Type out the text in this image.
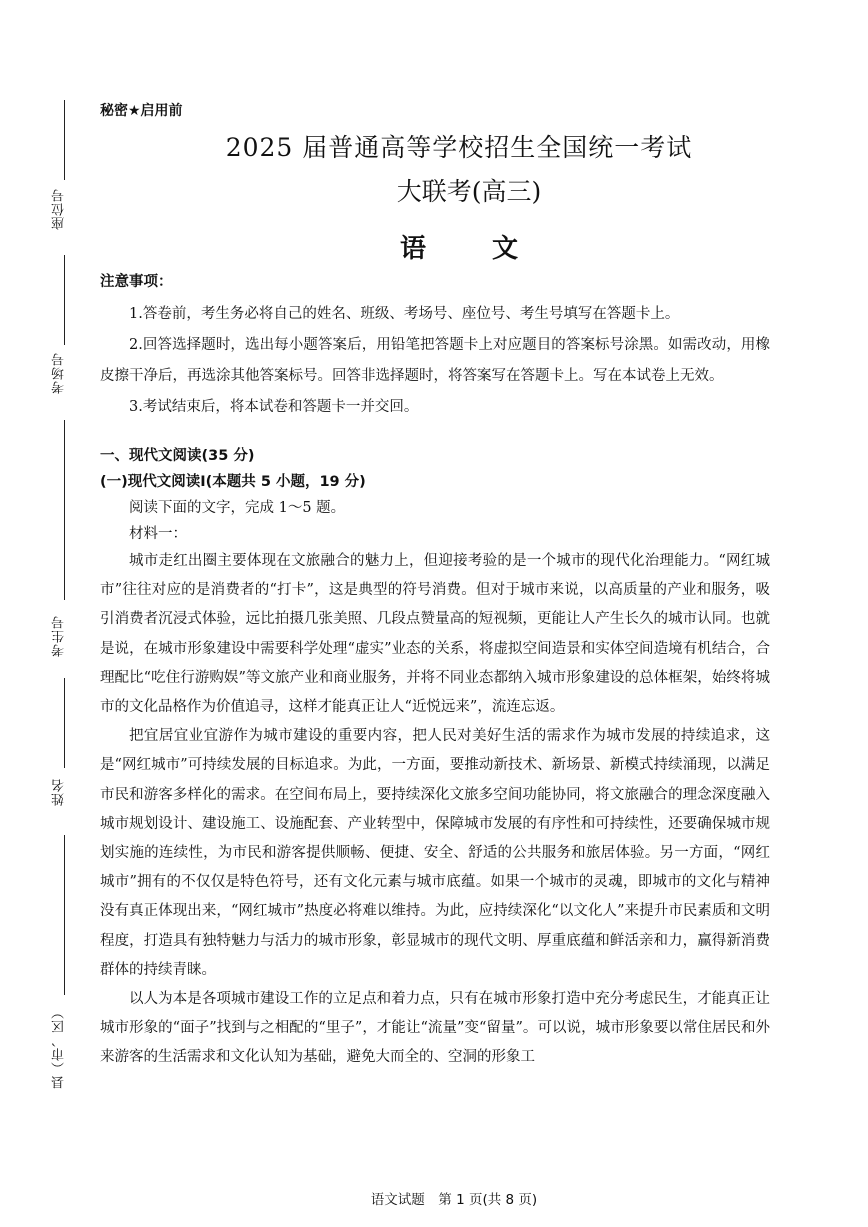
座位号
考场号
考生号
姓名
县（市、区）
秘密★启用前
2025 届普通高等学校招生全国统一考试
大联考(高三)
语　文
注意事项：

1.答卷前，考生务必将自己的姓名、班级、考场号、座位号、考生号填写在答题卡上。

2.回答选择题时，选出每小题答案后，用铅笔把答题卡上对应题目的答案标号涂黑。如需改动，用橡皮擦干净后，再选涂其他答案标号。回答非选择题时，将答案写在答题卡上。写在本试卷上无效。

3.考试结束后，将本试卷和答题卡一并交回。

一、现代文阅读(35 分)
(一)现代文阅读Ⅰ(本题共 5 小题，19 分)
阅读下面的文字，完成 1～5 题。
材料一：

城市走红出圈主要体现在文旅融合的魅力上，但迎接考验的是一个城市的现代化治理能力。“网红城市”往往对应的是消费者的“打卡”，这是典型的符号消费。但对于城市来说，以高质量的产业和服务，吸引消费者沉浸式体验，远比拍摄几张美照、几段点赞量高的短视频，更能让人产生长久的城市认同。也就是说，在城市形象建设中需要科学处理“虚实”业态的关系，将虚拟空间造景和实体空间造境有机结合，合理配比“吃住行游购娱”等文旅产业和商业服务，并将不同业态都纳入城市形象建设的总体框架，始终将城市的文化品格作为价值追寻，这样才能真正让人“近悦远来”，流连忘返。

把宜居宜业宜游作为城市建设的重要内容，把人民对美好生活的需求作为城市发展的持续追求，这是“网红城市”可持续发展的目标追求。为此，一方面，要推动新技术、新场景、新模式持续涌现，以满足市民和游客多样化的需求。在空间布局上，要持续深化文旅多空间功能协同，将文旅融合的理念深度融入城市规划设计、建设施工、设施配套、产业转型中，保障城市发展的有序性和可持续性，还要确保城市规划实施的连续性，为市民和游客提供顺畅、便捷、安全、舒适的公共服务和旅居体验。另一方面，“网红城市”拥有的不仅仅是特色符号，还有文化元素与城市底蕴。如果一个城市的灵魂，即城市的文化与精神没有真正体现出来，“网红城市”热度必将难以维持。为此，应持续深化“以文化人”来提升市民素质和文明程度，打造具有独特魅力与活力的城市形象，彰显城市的现代文明、厚重底蕴和鲜活亲和力，赢得新消费群体的持续青睐。

以人为本是各项城市建设工作的立足点和着力点，只有在城市形象打造中充分考虑民生，才能真正让城市形象的“面子”找到与之相配的“里子”，才能让“流量”变“留量”。可以说，城市形象要以常住居民和外来游客的生活需求和文化认知为基础，避免大而全的、空洞的形象工

语文试题　第 1 页(共 8 页)
